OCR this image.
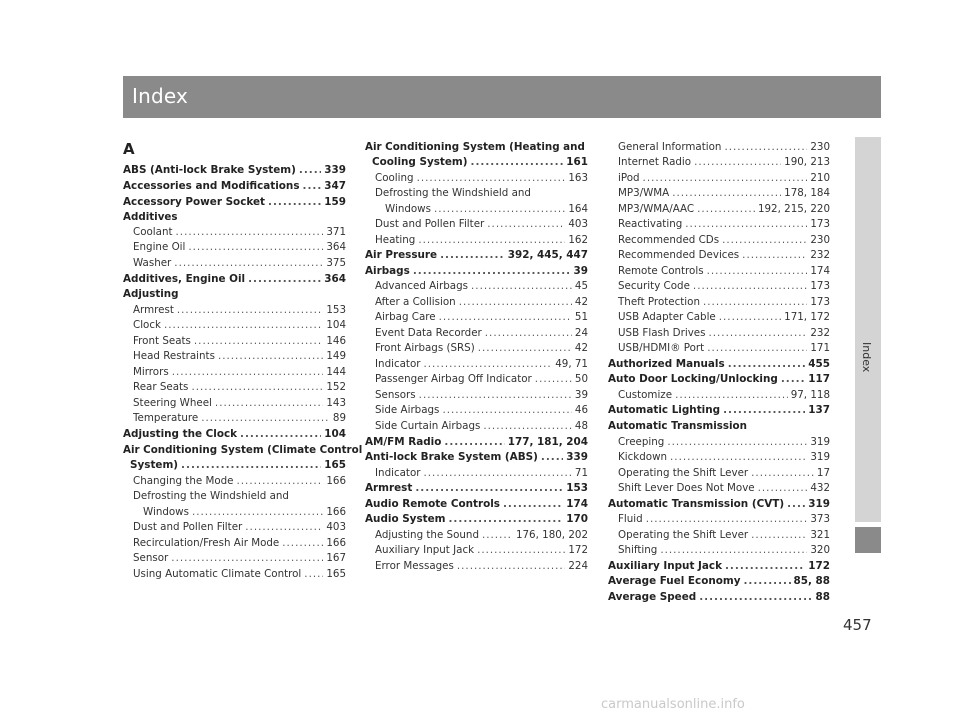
Index
Index
457
A
ABS (Anti-lock Brake System) .....	339
Accessories and Modifications ..... 347
Accessory Power Socket .....	159
Additives
Coolant .....	371
Engine Oil .....	364
Washer .....	375
Additives, Engine Oil .....	364
Adjusting
Armrest .....	153
Clock .....	104
Front Seats .....	146
Head Restraints .....	149
Mirrors .....	144
Rear Seats .....	152
Steering Wheel .....	143
Temperature .....	89
Adjusting the Clock .....	104
Air Conditioning System (Climate Control
System) .....	165
Changing the Mode .....	166
Defrosting the Windshield and
Windows .....	166
Dust and Pollen Filter .....	403
Recirculation/Fresh Air Mode .....	166
Sensor .....	167
Using Automatic Climate Control ..... 165
Air Conditioning System (Heating and
Cooling System) .....	161
Cooling .....	163
Defrosting the Windshield and
Windows .....	164
Dust and Pollen Filter .....	403
Heating .....	162
Air Pressure .....	392, 445, 447
Airbags .....	39
Advanced Airbags .....	45
After a Collision .....	42
Airbag Care .....	51
Event Data Recorder .....	24
Front Airbags (SRS) .....	42
Indicator .....	49, 71
Passenger Airbag Off Indicator .....	50
Sensors .....	39
Side Airbags .....	46
Side Curtain Airbags .....	48
AM/FM Radio .....	177, 181, 204
Anti-lock Brake System (ABS) .....	339
Indicator .....	71
Armrest .....	153
Audio Remote Controls .....	174
Audio System .....	170
Adjusting the Sound .....	176, 180, 202
Auxiliary Input Jack .....	172
Error Messages .....	224
General Information .....	230
Internet Radio .....	190, 213
iPod .....	210
MP3/WMA .....	178, 184
MP3/WMA/AAC .....	192, 215, 220
Reactivating .....	173
Recommended CDs .....	230
Recommended Devices .....	232
Remote Controls .....	174
Security Code .....	173
Theft Protection .....	173
USB Adapter Cable .....	171, 172
USB Flash Drives .....	232
USB/HDMI® Port .....	171
Authorized Manuals .....	455
Auto Door Locking/Unlocking .....	117
Customize .....	97, 118
Automatic Lighting .....	137
Automatic Transmission
Creeping .....	319
Kickdown .....	319
Operating the Shift Lever .....	17
Shift Lever Does Not Move .....	432
Automatic Transmission (CVT) ..... 319
Fluid .....	373
Operating the Shift Lever .....	321
Shifting .....	320
Auxiliary Input Jack .....	172
Average Fuel Economy .....	85, 88
Average Speed .....	88
carmanualsonline.info
